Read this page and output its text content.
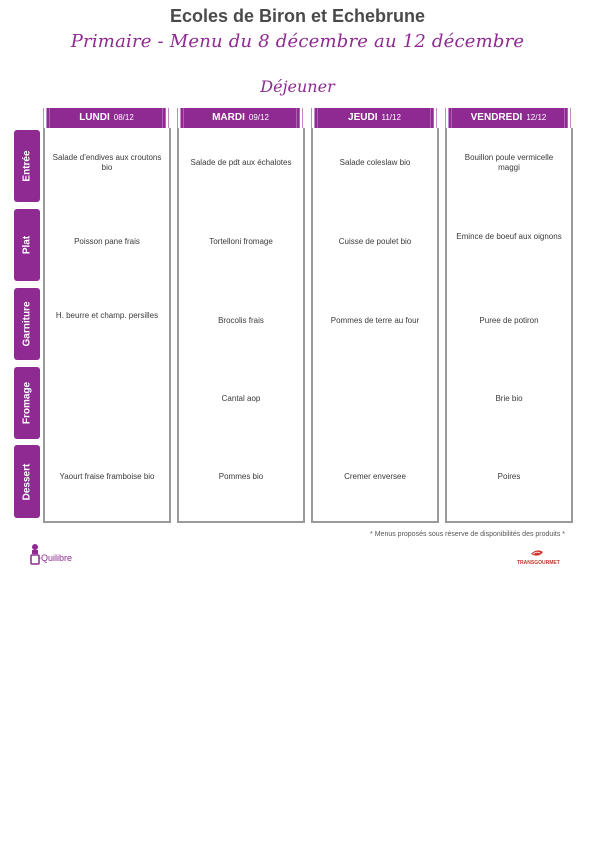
Ecoles de Biron et Echebrune
Primaire - Menu du 8 décembre au 12 décembre
Déjeuner
Entrée
Plat
Garniture
Fromage
Dessert
LUNDI 08/12
Salade d'endives aux croutons bio
Poisson pane frais
H. beurre et champ. persilles
Yaourt fraise framboise bio
MARDI 09/12
Salade de pdt aux échalotes
Tortelloni fromage
Brocolis frais
Cantal aop
Pommes bio
JEUDI 11/12
Salade coleslaw bio
Cuisse de poulet bio
Pommes de terre au four
Cremer enversee
VENDREDI 12/12
Bouillon poule vermicelle maggi
Emince de boeuf aux oignons
Puree de potiron
Brie bio
Poires
* Menus proposés sous réserve de disponibilités des produits *
-Quilibre	TRANSGOURMET
